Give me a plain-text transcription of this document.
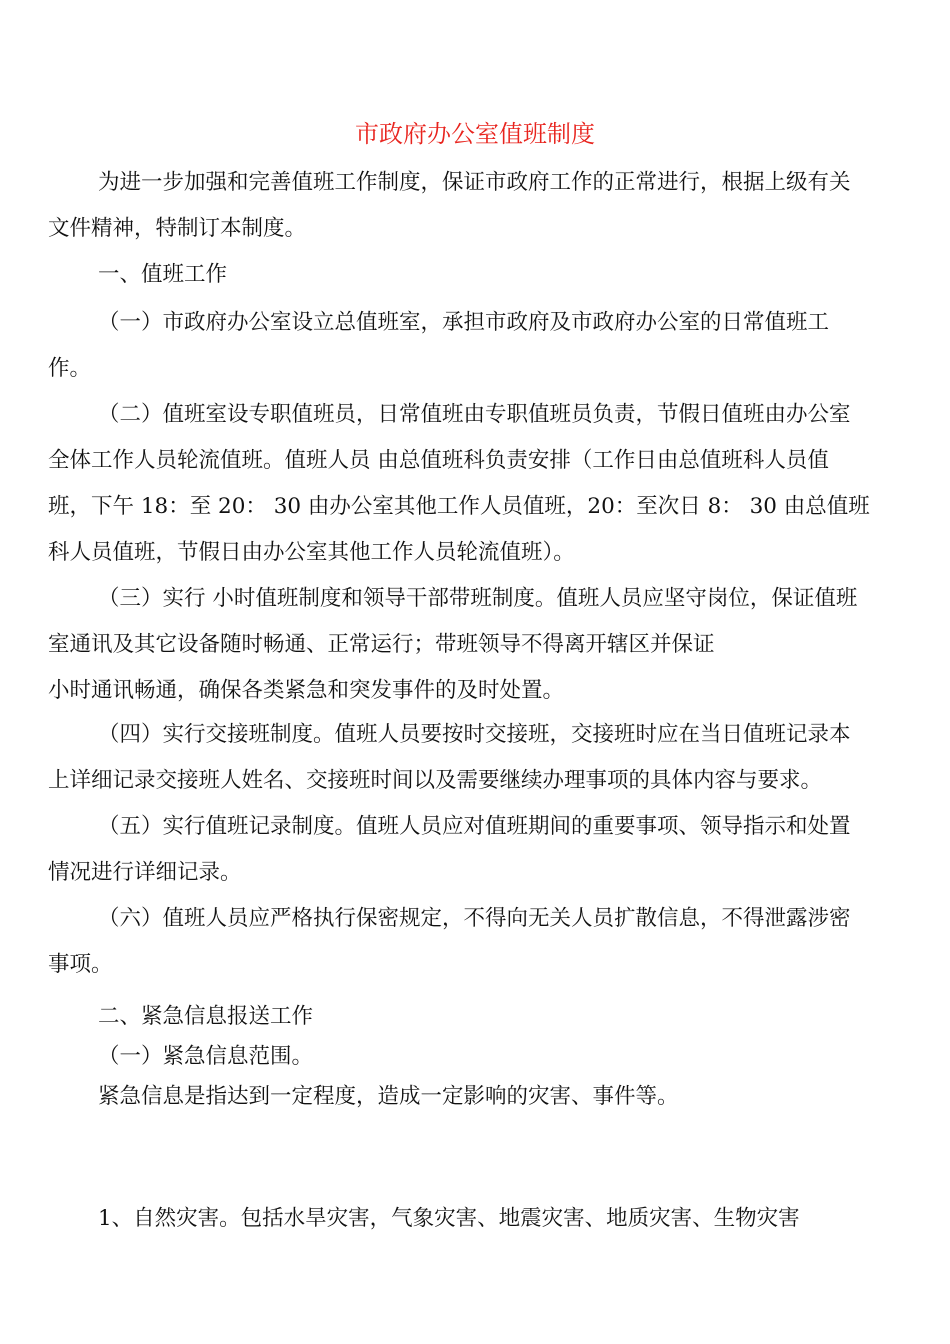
市政府办公室值班制度

为进一步加强和完善值班工作制度，保证市政府工作的正常进行，根据上级有关

文件精神，特制订本制度。

一、值班工作

（一）市政府办公室设立总值班室，承担市政府及市政府办公室的日常值班工

作。

（二）值班室设专职值班员，日常值班由专职值班员负责，节假日值班由办公室

全体工作人员轮流值班。值班人员 由总值班科负责安排（工作日由总值班科人员值

班，下午 18：至 20： 30 由办公室其他工作人员值班，20：至次日 8： 30 由总值班

科人员值班，节假日由办公室其他工作人员轮流值班）。

（三）实行 小时值班制度和领导干部带班制度。值班人员应坚守岗位，保证值班

室通讯及其它设备随时畅通、正常运行；带班领导不得离开辖区并保证

小时通讯畅通，确保各类紧急和突发事件的及时处置。

（四）实行交接班制度。值班人员要按时交接班，交接班时应在当日值班记录本

上详细记录交接班人姓名、交接班时间以及需要继续办理事项的具体内容与要求。

（五）实行值班记录制度。值班人员应对值班期间的重要事项、领导指示和处置

情况进行详细记录。

（六）值班人员应严格执行保密规定，不得向无关人员扩散信息，不得泄露涉密

事项。

二、紧急信息报送工作

（一）紧急信息范围。

紧急信息是指达到一定程度，造成一定影响的灾害、事件等。

1、自然灾害。包括水旱灾害，气象灾害、地震灾害、地质灾害、生物灾害
